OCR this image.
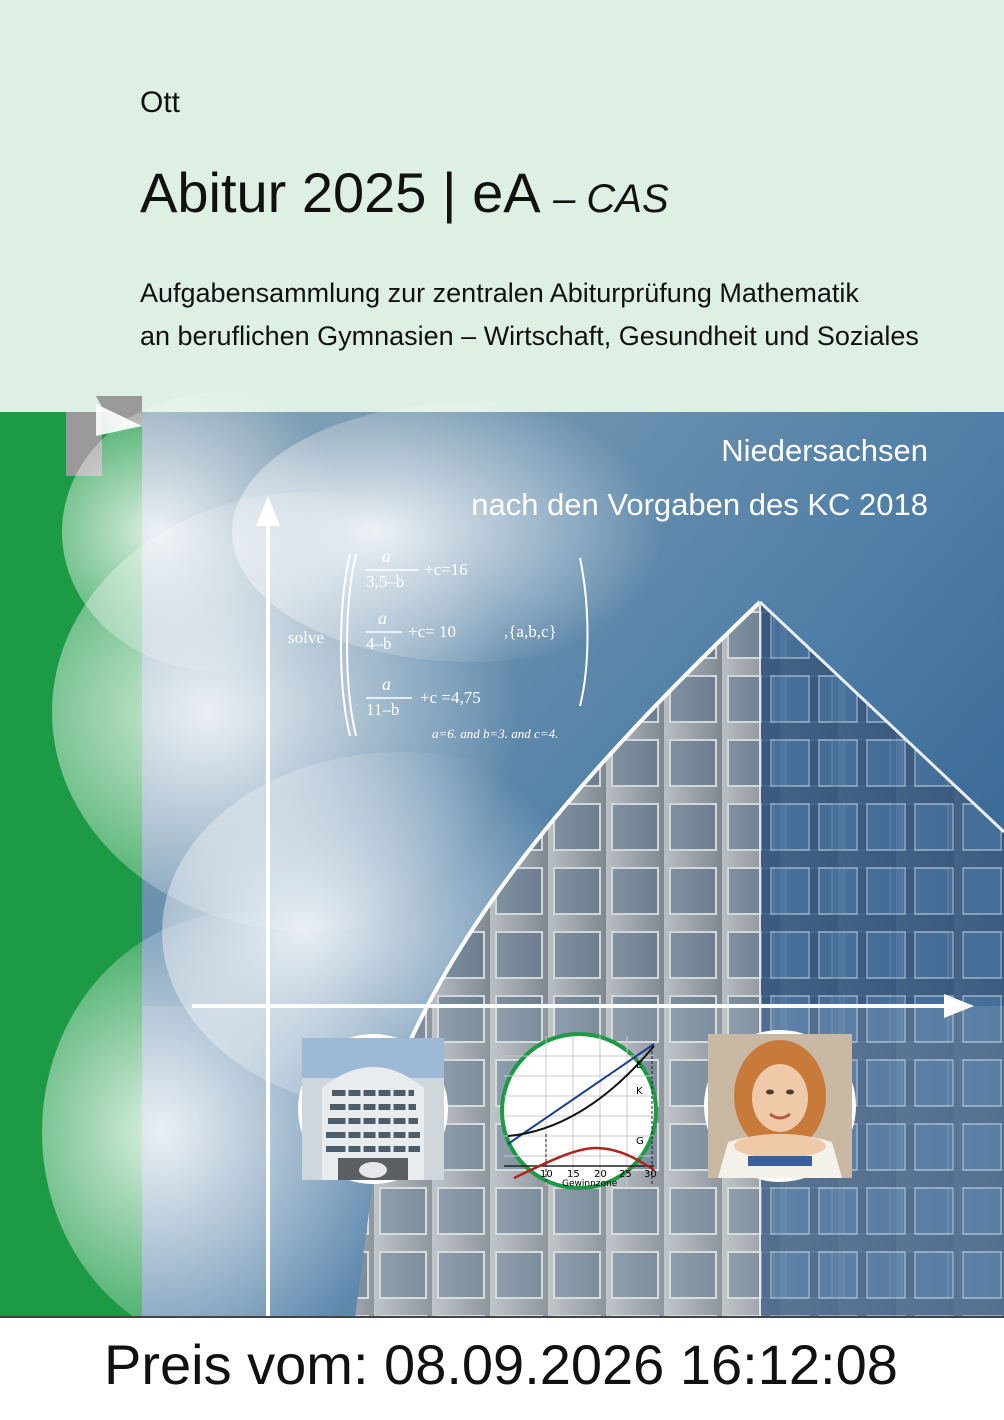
Ott
Abitur 2025 | eA – CAS
Aufgabensammlung zur zentralen Abiturprüfung Mathematik
an beruflichen Gymnasien – Wirtschaft, Gesundheit und Soziales
Niedersachsen
nach den Vorgaben des KC 2018
solve
a
3,5–b
+c=16
a
4–b
+c= 10	,{a,b,c}
a
11–b
+c =4,75
a=6. and b=3. and c=4.
E
K
G
10 15 20 25 30
Gewinnzone
Preis vom: 08.09.2026 16:12:08
